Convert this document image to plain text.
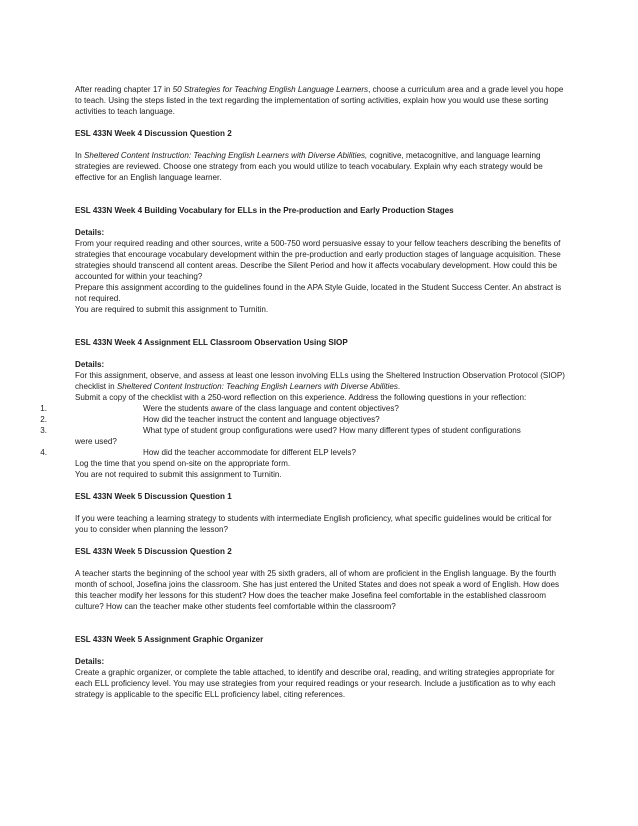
After reading chapter 17 in 50 Strategies for Teaching English Language Learners, choose a curriculum area and a grade level you hope to teach. Using the steps listed in the text regarding the implementation of sorting activities, explain how you would use these sorting activities to teach language.

ESL 433N Week 4 Discussion Question 2

In Sheltered Content Instruction: Teaching English Learners with Diverse Abilities, cognitive, metacognitive, and language learning strategies are reviewed. Choose one strategy from each you would utilize to teach vocabulary. Explain why each strategy would be effective for an English language learner.

ESL 433N Week 4 Building Vocabulary for ELLs in the Pre-production and Early Production Stages

Details:

From your required reading and other sources, write a 500-750 word persuasive essay to your fellow teachers describing the benefits of strategies that encourage vocabulary development within the pre-production and early production stages of language acquisition. These strategies should transcend all content areas. Describe the Silent Period and how it affects vocabulary development. How could this be accounted for within your teaching?

Prepare this assignment according to the guidelines found in the APA Style Guide, located in the Student Success Center. An abstract is not required.

You are required to submit this assignment to Turnitin.

ESL 433N Week 4 Assignment ELL Classroom Observation Using SIOP

Details:

For this assignment, observe, and assess at least one lesson involving ELLs using the Sheltered Instruction Observation Protocol (SIOP) checklist in Sheltered Content Instruction: Teaching English Learners with Diverse Abilities.

Submit a copy of the checklist with a 250-word reflection on this experience. Address the following questions in your reflection:

1.	Were the students aware of the class language and content objectives?

2.	How did the teacher instruct the content and language objectives?

3.	What type of student group configurations were used? How many different types of student configurations

were used?

4.	How did the teacher accommodate for different ELP levels?

Log the time that you spend on-site on the appropriate form.

You are not required to submit this assignment to Turnitin.

ESL 433N Week 5 Discussion Question 1

If you were teaching a learning strategy to students with intermediate English proficiency, what specific guidelines would be critical for you to consider when planning the lesson?

ESL 433N Week 5 Discussion Question 2

A teacher starts the beginning of the school year with 25 sixth graders, all of whom are proficient in the English language. By the fourth month of school, Josefina joins the classroom. She has just entered the United States and does not speak a word of English. How does this teacher modify her lessons for this student? How does the teacher make Josefina feel comfortable in the established classroom culture? How can the teacher make other students feel comfortable within the classroom?

ESL 433N Week 5 Assignment Graphic Organizer

Details:

Create a graphic organizer, or complete the table attached, to identify and describe oral, reading, and writing strategies appropriate for each ELL proficiency level. You may use strategies from your required readings or your research. Include a justification as to why each strategy is applicable to the specific ELL proficiency label, citing references.
